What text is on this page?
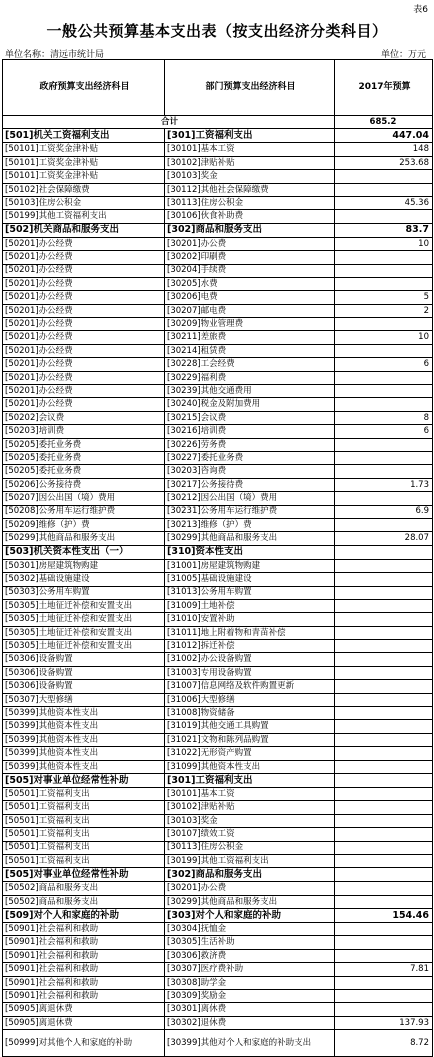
表6
一般公共预算基本支出表（按支出经济分类科目）
单位名称：清远市统计局	单位：万元
政府预算支出经济科目	部门预算支出经济科目	2017年预算
合计		685.2
[501]机关工资福利支出	[301]工资福利支出	447.04
[50101]工资奖金津补贴	[30101]基本工资	148
[50101]工资奖金津补贴	[30102]津贴补贴	253.68
[50101]工资奖金津补贴	[30103]奖金	
[50102]社会保障缴费	[30112]其他社会保障缴费	
[50103]住房公积金	[30113]住房公积金	45.36
[50199]其他工资福利支出	[30106]伙食补助费	
[502]机关商品和服务支出	[302]商品和服务支出	83.7
[50201]办公经费	[30201]办公费	10
[50201]办公经费	[30202]印刷费	
[50201]办公经费	[30204]手续费	
[50201]办公经费	[30205]水费	
[50201]办公经费	[30206]电费	5
[50201]办公经费	[30207]邮电费	2
[50201]办公经费	[30209]物业管理费	
[50201]办公经费	[30211]差旅费	10
[50201]办公经费	[30214]租赁费	
[50201]办公经费	[30228]工会经费	6
[50201]办公经费	[30229]福利费	
[50201]办公经费	[30239]其他交通费用	
[50201]办公经费	[30240]税金及附加费用	
[50202]会议费	[30215]会议费	8
[50203]培训费	[30216]培训费	6
[50205]委托业务费	[30226]劳务费	
[50205]委托业务费	[30227]委托业务费	
[50205]委托业务费	[30203]咨询费	
[50206]公务接待费	[30217]公务接待费	1.73
[50207]因公出国（境）费用	[30212]因公出国（境）费用	
[50208]公务用车运行维护费	[30231]公务用车运行维护费	6.9
[50209]维修（护）费	[30213]维修（护）费	
[50299]其他商品和服务支出	[30299]其他商品和服务支出	28.07
[503]机关资本性支出（一）	[310]资本性支出	
[50301]房屋建筑物购建	[31001]房屋建筑物购建	
[50302]基础设施建设	[31005]基础设施建设	
[50303]公务用车购置	[31013]公务用车购置	
[50305]土地征迁补偿和安置支出	[31009]土地补偿	
[50305]土地征迁补偿和安置支出	[31010]安置补助	
[50305]土地征迁补偿和安置支出	[31011]地上附着物和青苗补偿	
[50305]土地征迁补偿和安置支出	[31012]拆迁补偿	
[50306]设备购置	[31002]办公设备购置	
[50306]设备购置	[31003]专用设备购置	
[50306]设备购置	[31007]信息网络及软件购置更新	
[50307]大型修缮	[31006]大型修缮	
[50399]其他资本性支出	[31008]物资储备	
[50399]其他资本性支出	[31019]其他交通工具购置	
[50399]其他资本性支出	[31021]文物和陈列品购置	
[50399]其他资本性支出	[31022]无形资产购置	
[50399]其他资本性支出	[31099]其他资本性支出	
[505]对事业单位经常性补助	[301]工资福利支出	
[50501]工资福利支出	[30101]基本工资	
[50501]工资福利支出	[30102]津贴补贴	
[50501]工资福利支出	[30103]奖金	
[50501]工资福利支出	[30107]绩效工资	
[50501]工资福利支出	[30113]住房公积金	
[50501]工资福利支出	[30199]其他工资福利支出	
[505]对事业单位经常性补助	[302]商品和服务支出	
[50502]商品和服务支出	[30201]办公费	
[50502]商品和服务支出	[30299]其他商品和服务支出	
[509]对个人和家庭的补助	[303]对个人和家庭的补助	154.46
[50901]社会福利和救助	[30304]抚恤金	
[50901]社会福利和救助	[30305]生活补助	
[50901]社会福利和救助	[30306]救济费	
[50901]社会福利和救助	[30307]医疗费补助	7.81
[50901]社会福利和救助	[30308]助学金	
[50901]社会福利和救助	[30309]奖励金	
[50905]离退休费	[30301]离休费	
[50905]离退休费	[30302]退休费	137.93
[50999]对其他个人和家庭的补助	[30399]其他对个人和家庭的补助支出	8.72
